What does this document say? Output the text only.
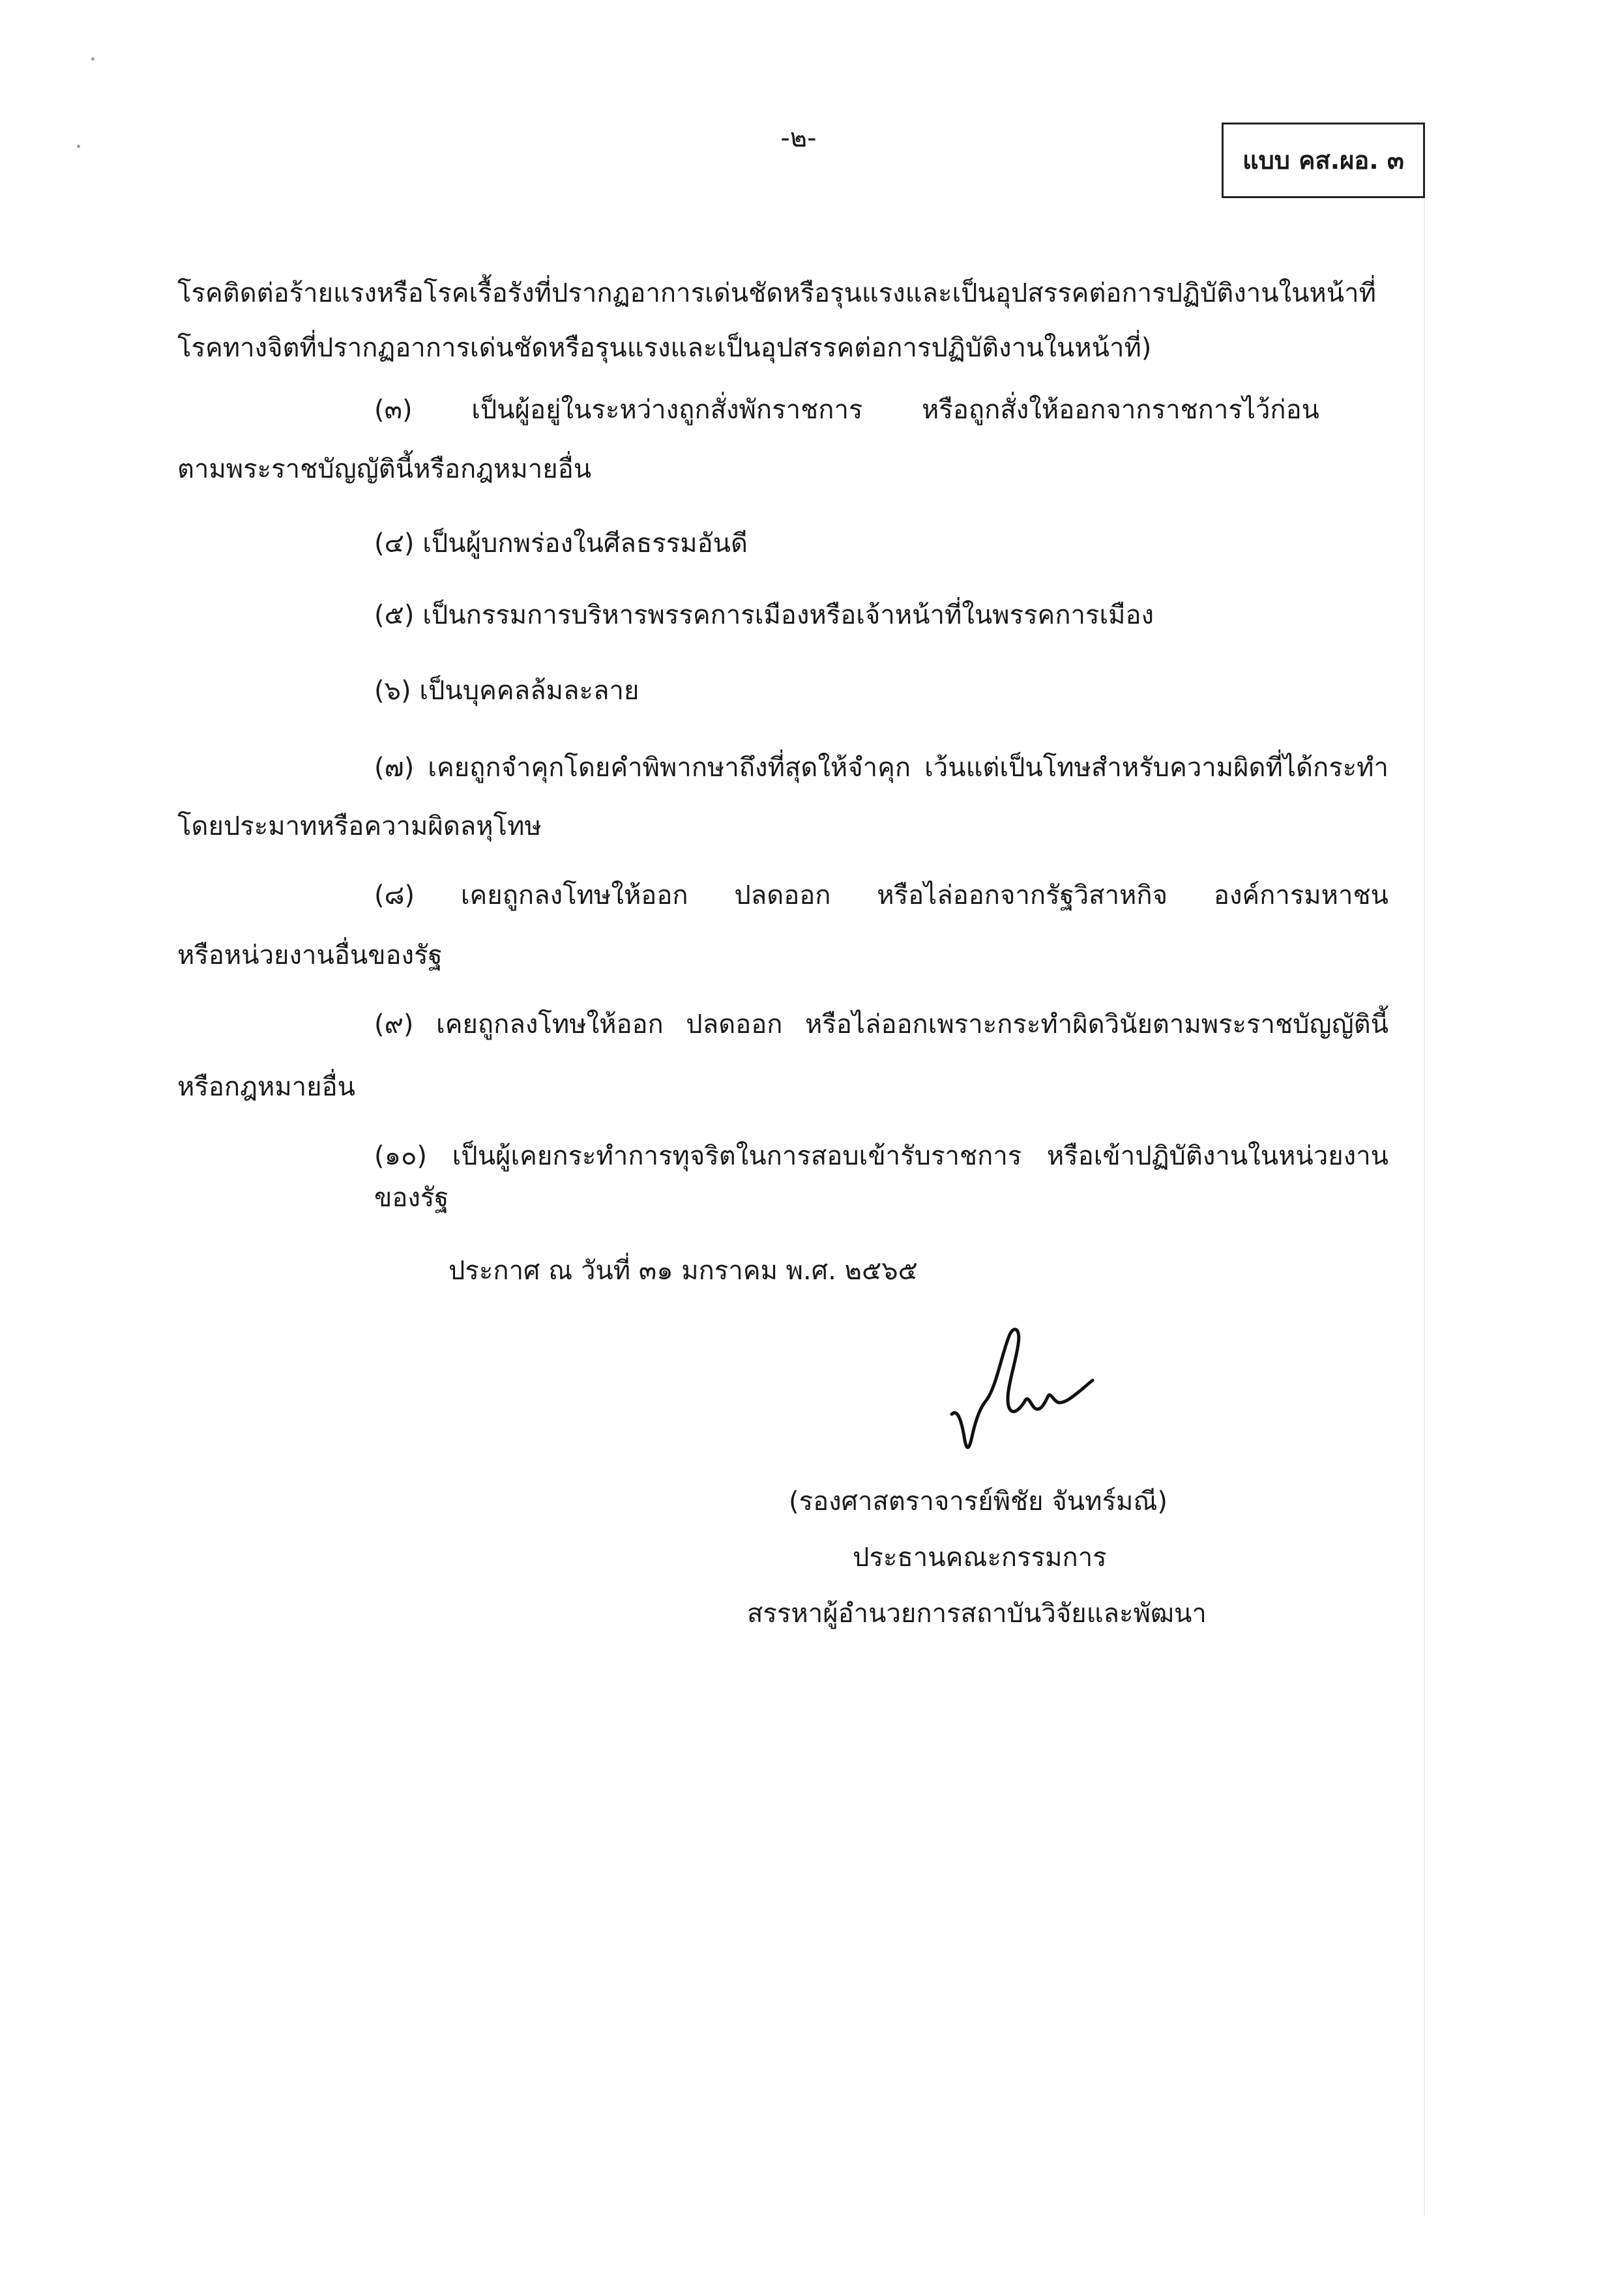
-๒-
แบบ คส.ผอ. ๓
โรคติดต่อร้ายแรงหรือโรคเรื้อรังที่ปรากฏอาการเด่นชัดหรือรุนแรงและเป็นอุปสรรคต่อการปฏิบัติงานในหน้าที่
โรคทางจิตที่ปรากฏอาการเด่นชัดหรือรุนแรงและเป็นอุปสรรคต่อการปฏิบัติงานในหน้าที่)
(๓) เป็นผู้อยู่ในระหว่างถูกสั่งพักราชการ หรือถูกสั่งให้ออกจากราชการไว้ก่อน
ตามพระราชบัญญัตินี้หรือกฎหมายอื่น
(๔) เป็นผู้บกพร่องในศีลธรรมอันดี
(๕) เป็นกรรมการบริหารพรรคการเมืองหรือเจ้าหน้าที่ในพรรคการเมือง
(๖) เป็นบุคคลล้มละลาย
(๗) เคยถูกจำคุกโดยคำพิพากษาถึงที่สุดให้จำคุก เว้นแต่เป็นโทษสำหรับความผิดที่ได้กระทำ
โดยประมาทหรือความผิดลหุโทษ
(๘) เคยถูกลงโทษให้ออก ปลดออก หรือไล่ออกจากรัฐวิสาหกิจ องค์การมหาชน
หรือหน่วยงานอื่นของรัฐ
(๙) เคยถูกลงโทษให้ออก ปลดออก หรือไล่ออกเพราะกระทำผิดวินัยตามพระราชบัญญัตินี้
หรือกฎหมายอื่น
(๑๐) เป็นผู้เคยกระทำการทุจริตในการสอบเข้ารับราชการ หรือเข้าปฏิบัติงานในหน่วยงานของรัฐ
ประกาศ ณ วันที่ ๓๑ มกราคม พ.ศ. ๒๕๖๕
(รองศาสตราจารย์พิชัย จันทร์มณี)
ประธานคณะกรรมการ
สรรหาผู้อำนวยการสถาบันวิจัยและพัฒนา
